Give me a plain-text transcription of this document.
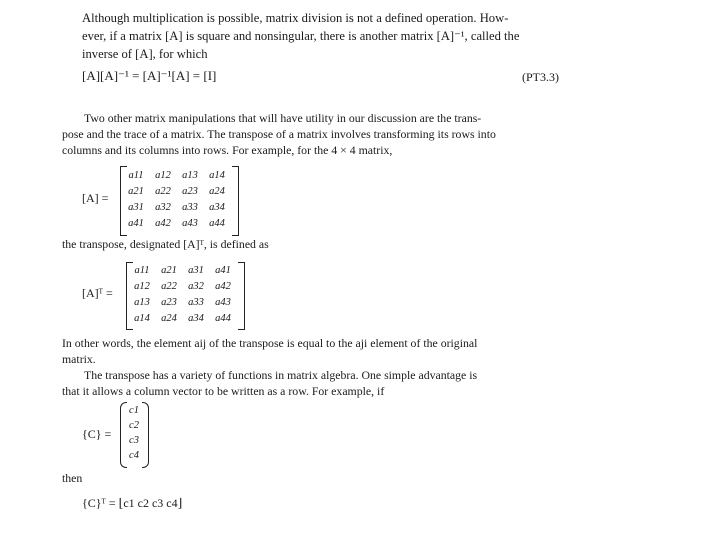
Although multiplication is possible, matrix division is not a defined operation. How-
ever, if a matrix [A] is square and nonsingular, there is another matrix [A]⁻¹, called the
inverse of [A], for which
[A][A]⁻¹ = [A]⁻¹[A] = [I]	(PT3.3)
Two other matrix manipulations that will have utility in our discussion are the trans-
pose and the trace of a matrix. The transpose of a matrix involves transforming its rows into
columns and its columns into rows. For example, for the 4 × 4 matrix,
[A] =
a11	a12	a13	a14
a21	a22	a23	a24
a31	a32	a33	a34
a41	a42	a43	a44
the transpose, designated [A]ᵀ, is defined as
[A]ᵀ =
a11	a21	a31	a41
a12	a22	a32	a42
a13	a23	a33	a43
a14	a24	a34	a44
In other words, the element aij of the transpose is equal to the aji element of the original
matrix.
The transpose has a variety of functions in matrix algebra. One simple advantage is
that it allows a column vector to be written as a row. For example, if
{C} =
c1
c2
c3
c4
then
{C}ᵀ = ⌊c1 c2 c3 c4⌋
